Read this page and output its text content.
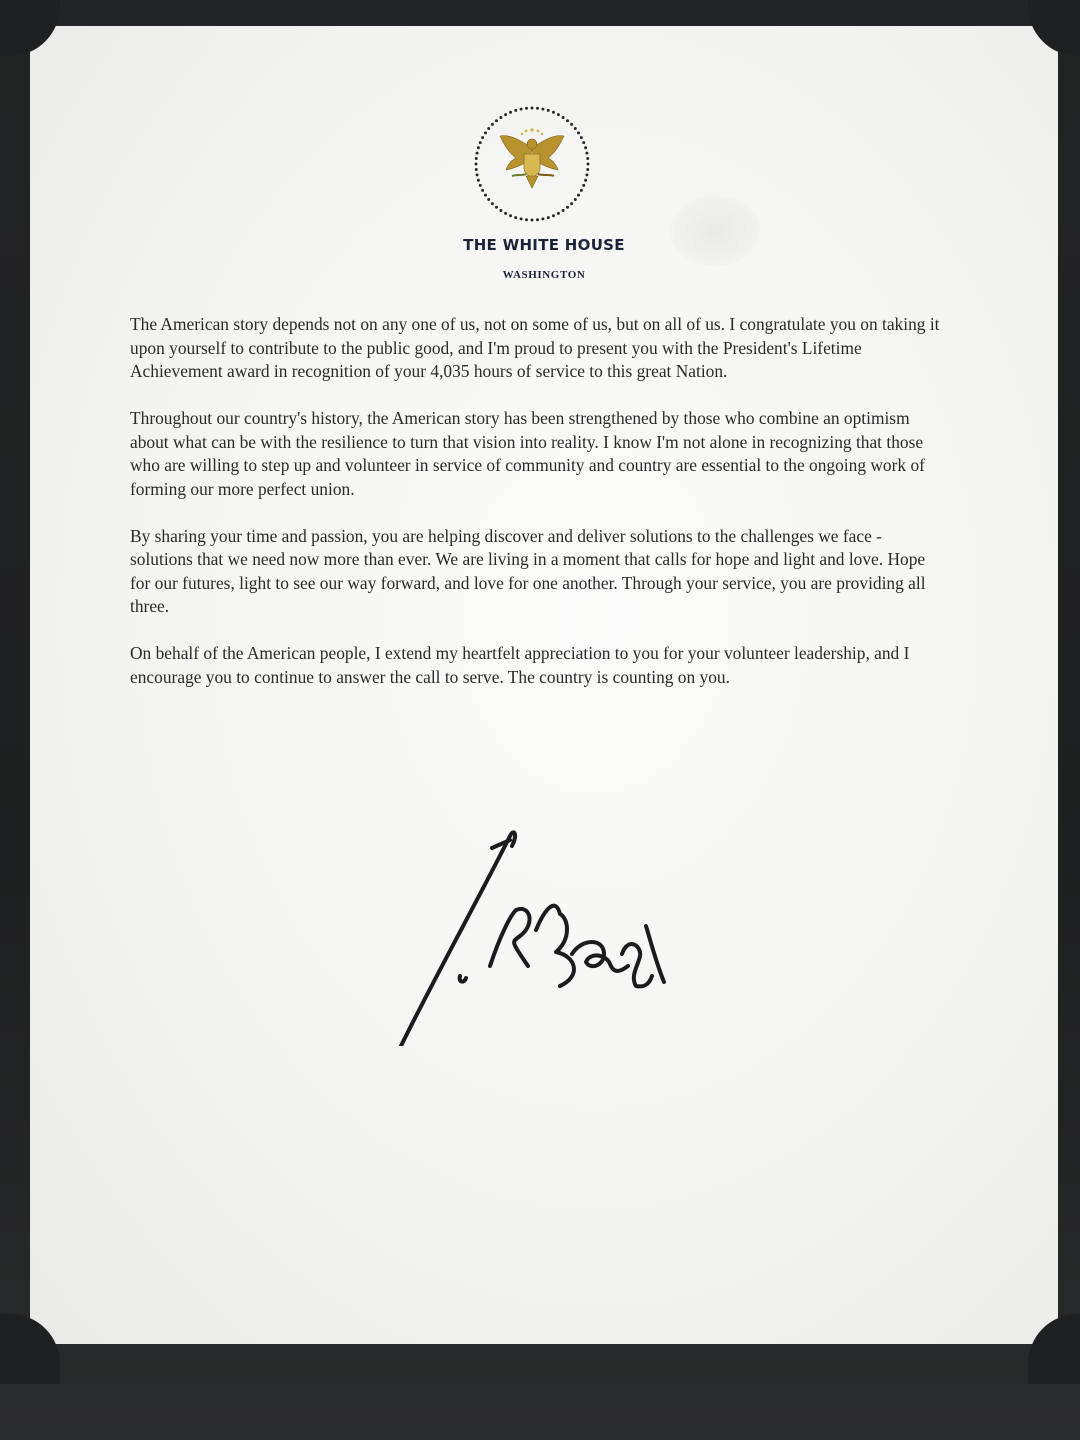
THE WHITE HOUSE
WASHINGTON

The American story depends not on any one of us, not on some of us, but on all of us. I congratulate you on taking it upon yourself to contribute to the public good, and I'm proud to present you with the President's Lifetime Achievement award in recognition of your 4,035 hours of service to this great Nation.

Throughout our country's history, the American story has been strengthened by those who combine an optimism about what can be with the resilience to turn that vision into reality. I know I'm not alone in recognizing that those who are willing to step up and volunteer in service of community and country are essential to the ongoing work of forming our more perfect union.

By sharing your time and passion, you are helping discover and deliver solutions to the challenges we face - solutions that we need now more than ever. We are living in a moment that calls for hope and light and love. Hope for our futures, light to see our way forward, and love for one another. Through your service, you are providing all three.

On behalf of the American people, I extend my heartfelt appreciation to you for your volunteer leadership, and I encourage you to continue to answer the call to serve. The country is counting on you.
